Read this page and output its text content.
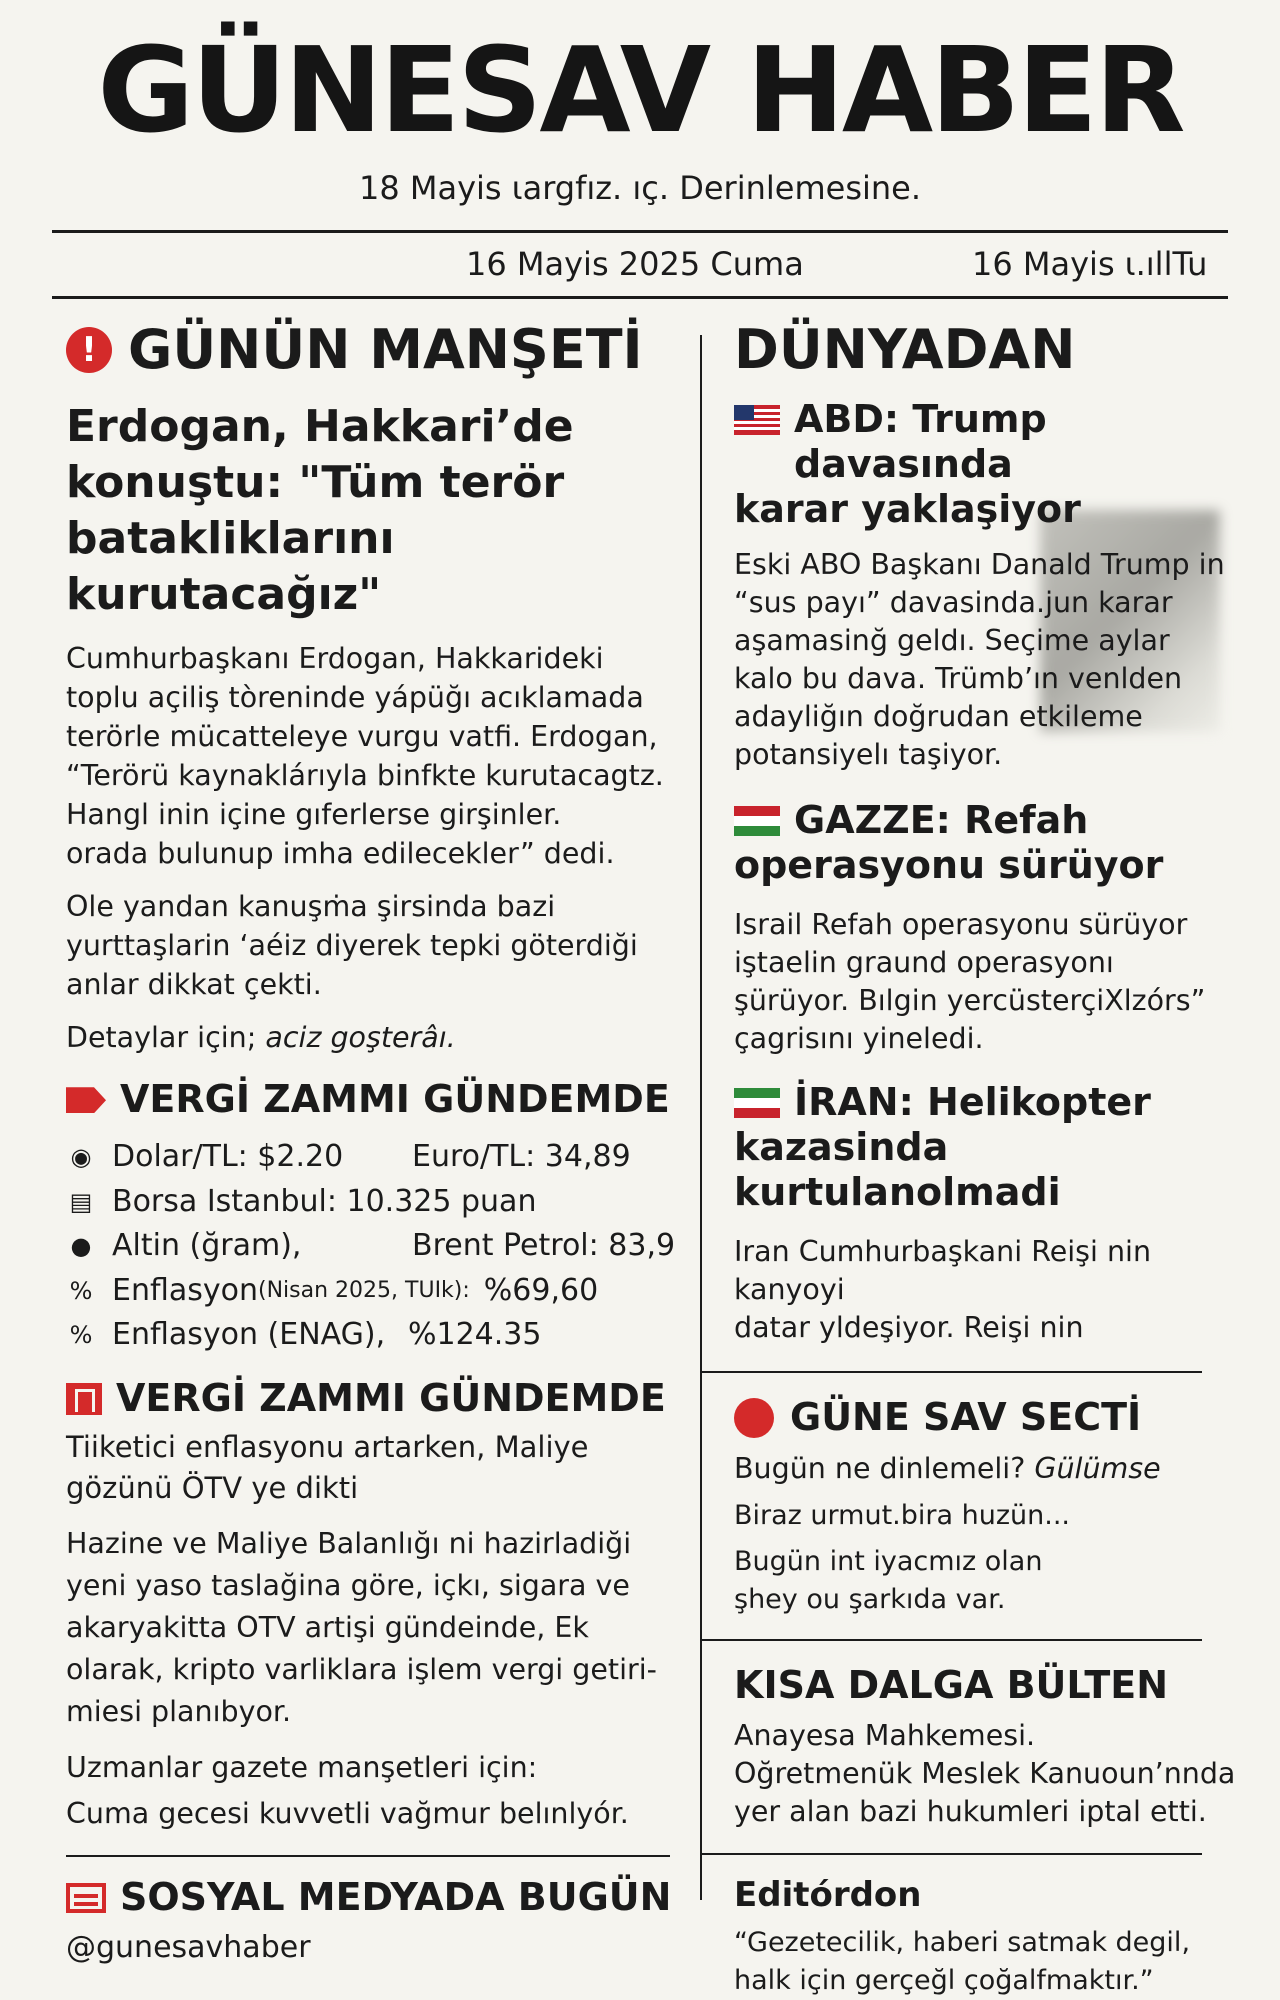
GÜNESAV HABER
18 Mayis ɩargfız. ıç. Derinlemesine.
16 Mayis 2025 Cuma	16 Mayis ɩ.ıllTu
! GÜNÜN MANŞETİ
Erdogan, Hakkari’de
konuştu: "Tüm terör
batakliklarını kurutacağız"

Cumhurbaşkanı Erdogan, Hakkarideki

toplu açiliş tòreninde yápüğı acıklamada

terörle mücatteleye vurgu vatfi. Erdogan,

“Terörü kaynaklárıyla binfkte kurutacagtz.

Hangl inin içine gıferlerse girşinler.

orada bulunup imha edilecekler” dedi.

Ole yandan kanuşṁa şirsinda bazi

yurttaşlarin ‘aéiz diyerek tepki göterdiği

anlar dikkat çekti.

Detaylar için; aciz goşterâı.
VERGİ ZAMMI GÜNDEMDE
◉ Dolar/TL: $2.20	Euro/TL: 34,89
▤ Borsa Istanbul: 10.325 puan
● Altin (ğram),	Brent Petrol: 83,9
% Enflasyon (Nisan 2025, TUIk): %69,60
% Enflasyon (ENAG), %124.35
VERGİ ZAMMI GÜNDEMDE

Tiiketici enflasyonu artarken, Maliye

gözünü ÖTV ye dikti

Hazine ve Maliye Balanlığı ni hazirladiği

yeni yaso taslağina göre, içkı, sigara ve

akaryakitta OTV artişi gündeinde, Ek

olarak, kripto varliklara işlem vergi getiri-

miesi planıbyor.

Uzmanlar gazete manşetleri için:

Cuma gecesi kuvvetli vağmur belınlyór.

SOSYAL MEDYADA BUGÜN
@gunesavhaber
DÜNYADAN
ABD: Trump davasında
karar yaklaşiyor
Eski ABO Başkanı Danald Trump in
“sus payı” davasinda.jun karar
aşamasinğ geldı. Seçime aylar
kalo bu dava. Trümb’ın venlden
adayliğın doğrudan etkileme
potansiyelı taşiyor.
GAZZE: Refah
operasyonu sürüyor
Israil Refah operasyonu sürüyor
iştaelin graund operasyonı
şürüyor. Bılgin yercüsterçiXlzórs”
çagrisını yineledi.
İRAN: Helikopter
kazasinda kurtulanolmadi
Iran Cumhurbaşkani Reişi nin kanyoyi
datar yldeşiyor. Reişi nin
GÜNE SAV SECTİ
Bugün ne dinlemeli? Gülümse
Biraz urmut.bira huzün...
Bugün int iyacmız olan
şhey ou şarkıda var.
KISA DALGA BÜLTEN
Anayesa Mahkemesi.
Oğretmenük Meslek Kanuoun’nnda
yer alan bazi hukumleri iptal etti.
Editórdon
“Gezetecilik, haberi satmak degil,
halk için gerçeğl çoğalfmaktır.”
